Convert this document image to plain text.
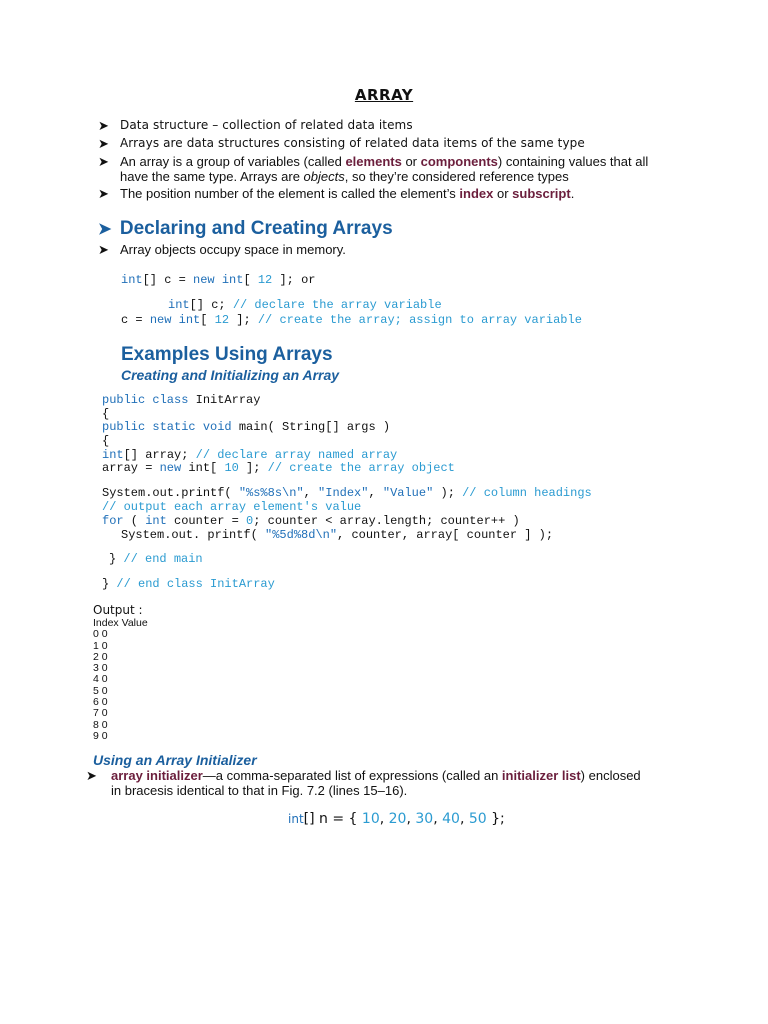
ARRAY
➤ Data structure – collection of related data items
➤ Arrays are data structures consisting of related data items of the same type
➤ An array is a group of variables (called elements or components) containing values that all
have the same type. Arrays are objects, so they’re considered reference types
➤ The position number of the element is called the element’s index or subscript.
➤ Declaring and Creating Arrays
➤ Array objects occupy space in memory.
int[] c = new int[ 12 ]; or
int[] c; // declare the array variable
c = new int[ 12 ]; // create the array; assign to array variable
Examples Using Arrays
Creating and Initializing an Array
public class InitArray
{
public static void main( String[] args )
{
int[] array; // declare array named array
array = new int[ 10 ]; // create the array object
System.out.printf( "%s%8s\n", "Index", "Value" ); // column headings
// output each array element's value
for ( int counter = 0; counter < array.length; counter++ )
System.out. printf( "%5d%8d\n", counter, array[ counter ] );
} // end main
} // end class InitArray
Output :
Index Value
0 0
1 0
2 0
3 0
4 0
5 0
6 0
7 0
8 0
9 0
Using an Array Initializer
➤ array initializer—a comma-separated list of expressions (called an initializer list) enclosed
in bracesis identical to that in Fig. 7.2 (lines 15–16).
int[] n = { 10, 20, 30, 40, 50 };
